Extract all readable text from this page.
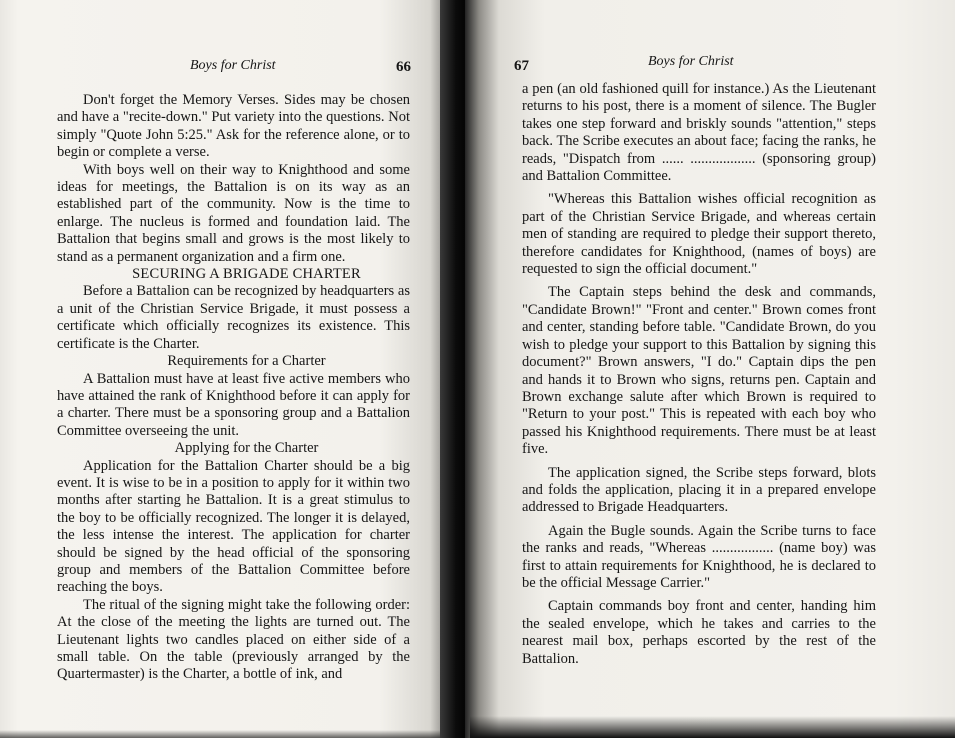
Boys for Christ	66

Don't forget the Memory Verses. Sides may be chosen and have a "recite-down." Put variety into the questions. Not simply "Quote John 5:25." Ask for the reference alone, or to begin or complete a verse.

With boys well on their way to Knighthood and some ideas for meetings, the Battalion is on its way as an established part of the community. Now is the time to enlarge. The nucleus is formed and foundation laid. The Battalion that begins small and grows is the most likely to stand as a permanent organization and a firm one.

SECURING A BRIGADE CHARTER

Before a Battalion can be recognized by headquarters as a unit of the Christian Service Brigade, it must possess a certificate which officially recognizes its existence. This certificate is the Charter.

Requirements for a Charter

A Battalion must have at least five active members who have attained the rank of Knighthood before it can apply for a charter. There must be a sponsoring group and a Battalion Committee overseeing the unit.

Applying for the Charter

Application for the Battalion Charter should be a big event. It is wise to be in a position to apply for it within two months after starting he Battalion. It is a great stimulus to the boy to be officially recognized. The longer it is delayed, the less intense the interest. The application for charter should be signed by the head official of the sponsoring group and members of the Battalion Committee before reaching the boys.

The ritual of the signing might take the following order: At the close of the meeting the lights are turned out. The Lieutenant lights two candles placed on either side of a small table. On the table (previously arranged by the Quartermaster) is the Charter, a bottle of ink, and

67	Boys for Christ

a pen (an old fashioned quill for instance.) As the Lieutenant returns to his post, there is a moment of silence. The Bugler takes one step forward and briskly sounds "attention," steps back. The Scribe executes an about face; facing the ranks, he reads, "Dispatch from ...... .................. (sponsoring group) and Battalion Committee.

"Whereas this Battalion wishes official recognition as part of the Christian Service Brigade, and whereas certain men of standing are required to pledge their support thereto, therefore candidates for Knighthood, (names of boys) are requested to sign the official document."

The Captain steps behind the desk and commands, "Candidate Brown!" "Front and center." Brown comes front and center, standing before table. "Candidate Brown, do you wish to pledge your support to this Battalion by signing this document?" Brown answers, "I do." Captain dips the pen and hands it to Brown who signs, returns pen. Captain and Brown exchange salute after which Brown is required to "Return to your post." This is repeated with each boy who passed his Knighthood requirements. There must be at least five.

The application signed, the Scribe steps forward, blots and folds the application, placing it in a prepared envelope addressed to Brigade Headquarters.

Again the Bugle sounds. Again the Scribe turns to face the ranks and reads, "Whereas ................. (name boy) was first to attain requirements for Knighthood, he is declared to be the official Message Carrier."

Captain commands boy front and center, handing him the sealed envelope, which he takes and carries to the nearest mail box, perhaps escorted by the rest of the Battalion.
